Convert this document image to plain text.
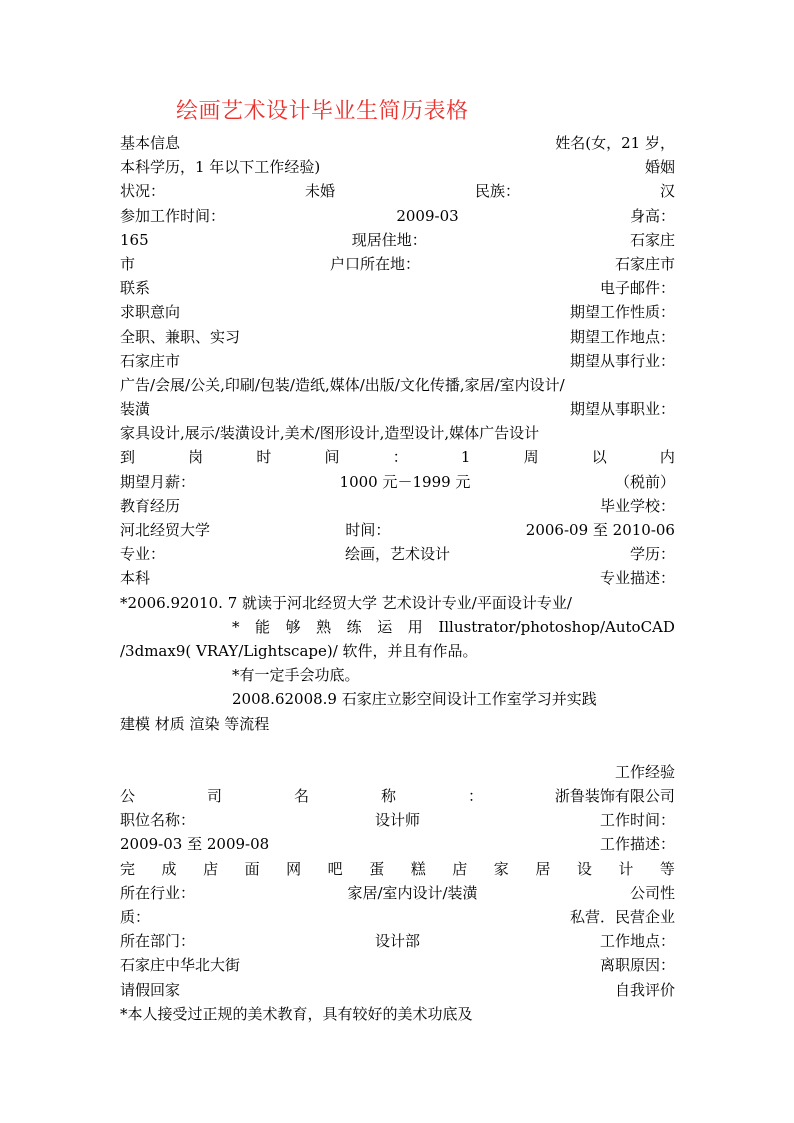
绘画艺术设计毕业生简历表格
基本信息	姓名(女，21 岁，
本科学历，1 年以下工作经验)	婚姻
状况：	未婚	民族：	汉
参加工作时间：	2009-03	身高：
165	现居住地：	石家庄
市	户口所在地：	石家庄市
联系	电子邮件：
求职意向	期望工作性质：
全职、兼职、实习	期望工作地点：
石家庄市	期望从事行业：
广告/会展/公关,印刷/包装/造纸,媒体/出版/文化传播,家居/室内设计/
装潢	期望从事职业：
家具设计,展示/装潢设计,美术/图形设计,造型设计,媒体广告设计
到	岗	时	间	：	1	周	以	内
期望月薪：	1000 元－1999 元	（税前）
教育经历	毕业学校：
河北经贸大学	时间：	2006-09 至 2010-06
专业：	绘画，艺术设计	学历：
本科	专业描述：
*2006.92010. 7 就读于河北经贸大学 艺术设计专业/平面设计专业/
* 能 够 熟 练 运 用 Illustrator/photoshop/AutoCAD
/3dmax9( VRAY/Lightscape)/ 软件，并且有作品。
*有一定手会功底。
2008.62008.9 石家庄立影空间设计工作室学习并实践
建模 材质 渲染 等流程
工作经验
公	司	名	称	：	浙鲁装饰有限公司
职位名称：	设计师	工作时间：
2009-03 至 2009-08	工作描述：
完 成 店 面 网 吧 蛋 糕 店 家 居 设 计 等
所在行业：	家居/室内设计/装潢	公司性
质：	私营．民营企业
所在部门：	设计部	工作地点：
石家庄中华北大街	离职原因：
请假回家	自我评价
*本人接受过正规的美术教育，具有较好的美术功底及
